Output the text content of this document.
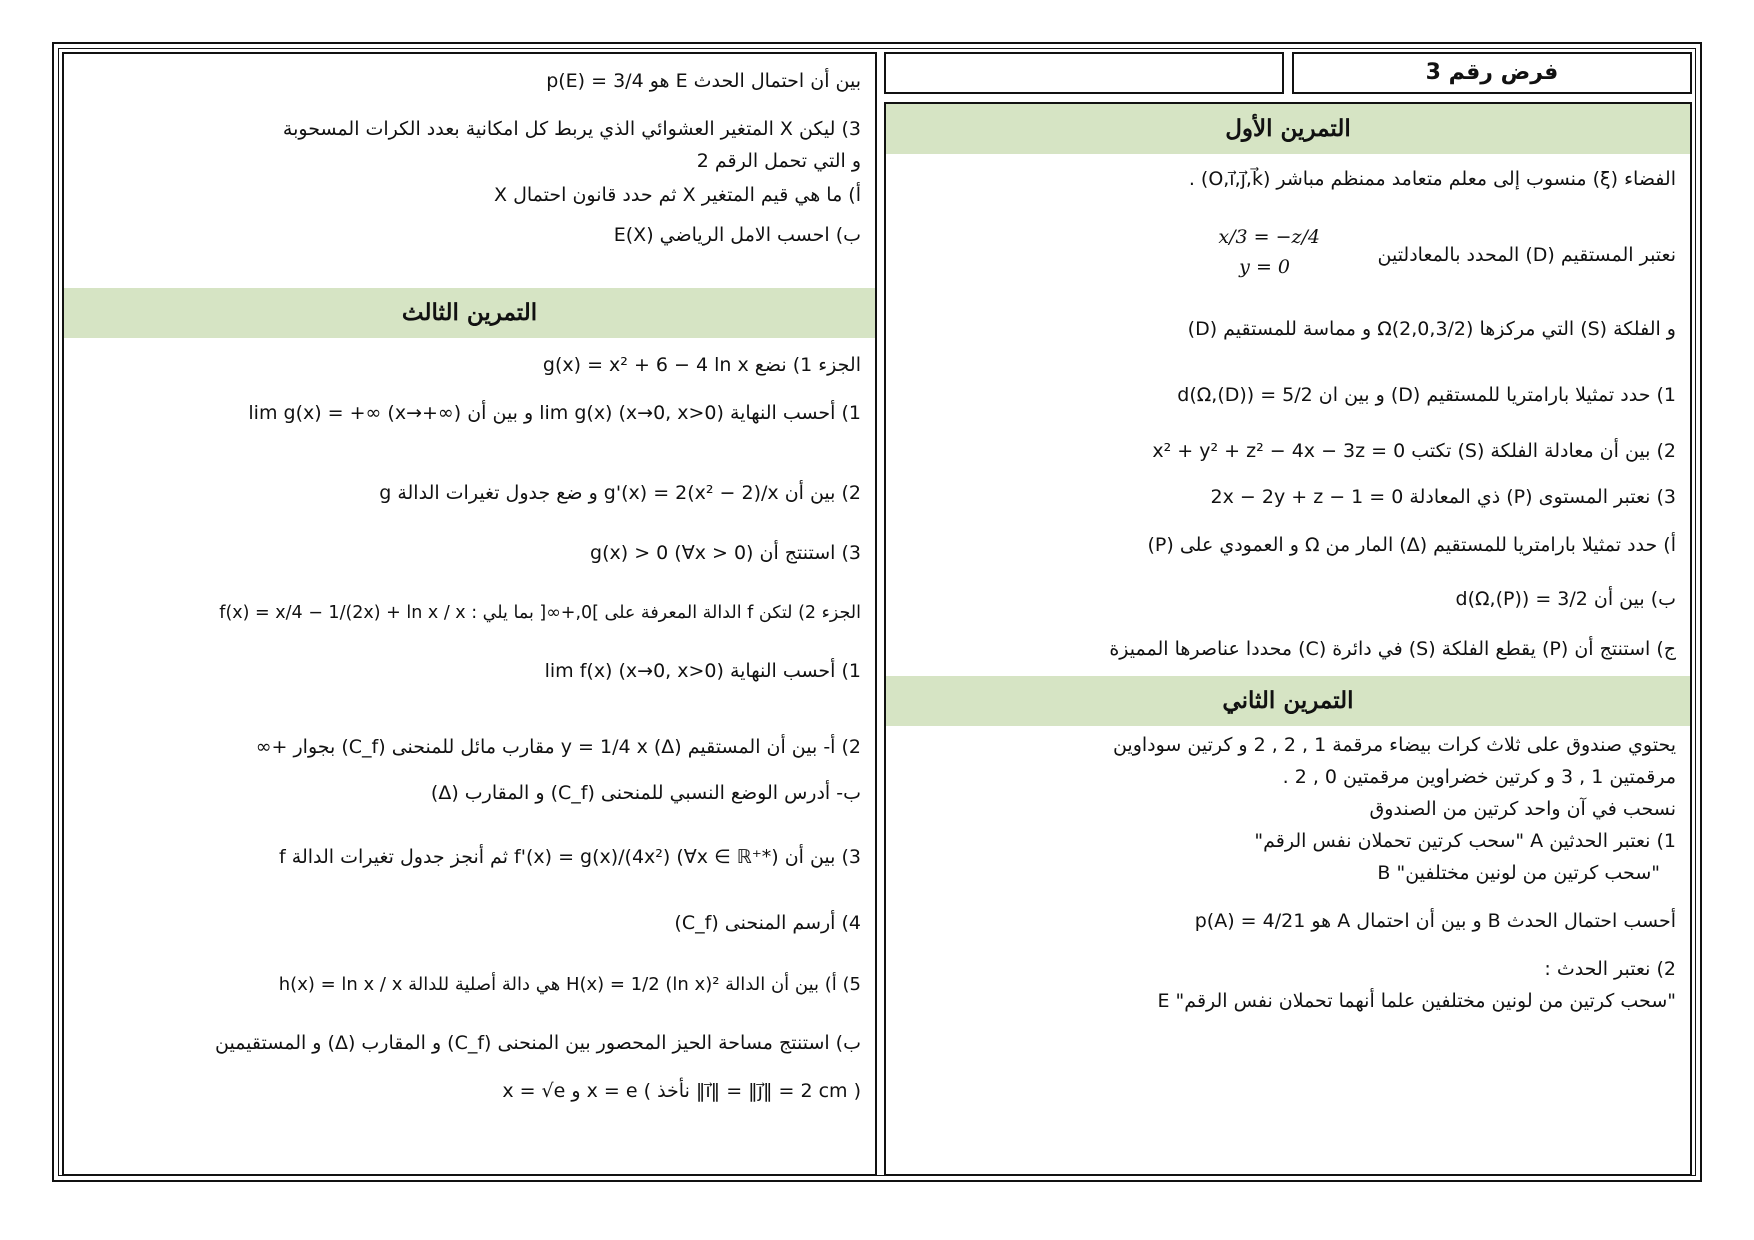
بين أن احتمال الحدث E هو p(E) = 3/4
3) ليكن X المتغير العشوائي الذي يربط كل امكانية بعدد الكرات المسحوبة
و التي تحمل الرقم 2
أ) ما هي قيم المتغير X ثم حدد قانون احتمال X
ب) احسب الامل الرياضي E(X)
التمرين الثالث
الجزء 1) نضع g(x) = x² + 6 − 4 ln x
1) أحسب النهاية lim g(x) (x→0, x>0) و بين أن lim g(x) = +∞ (x→+∞)
2) بين أن g'(x) = 2(x² − 2)/x و ضع جدول تغيرات الدالة g
3) استنتج أن g(x) > 0 (∀x > 0)
الجزء 2) لتكن f الدالة المعرفة على ]0,+∞[ بما يلي : f(x) = x/4 − 1/(2x) + ln x / x
1) أحسب النهاية lim f(x) (x→0, x>0)
2) أ- بين أن المستقيم y = 1/4 x (Δ) مقارب مائل للمنحنى (C_f) بجوار +∞
ب- أدرس الوضع النسبي للمنحنى (C_f) و المقارب (Δ)
3) بين أن f'(x) = g(x)/(4x²) (∀x ∈ ℝ⁺*) ثم أنجز جدول تغيرات الدالة f
4) أرسم المنحنى (C_f)
5) أ) بين أن الدالة H(x) = 1/2 (ln x)² هي دالة أصلية للدالة h(x) = ln x / x
ب) استنتج مساحة الحيز المحصور بين المنحنى (C_f) و المقارب (Δ) و المستقيمين
x = √e و x = e ( نأخذ ‖i⃗‖ = ‖j⃗‖ = 2 cm )
فرض رقم 3
التمرين الأول
الفضاء (ξ) منسوب إلى معلم متعامد ممنظم مباشر (O,i⃗,j⃗,k⃗) .
نعتبر المستقيم (D) المحدد بالمعادلتين
x/3 = −z/4
y = 0
و الفلكة (S) التي مركزها Ω(2,0,3/2) و مماسة للمستقيم (D)
1) حدد تمثيلا بارامتريا للمستقيم (D) و بين ان d(Ω,(D)) = 5/2
2) بين أن معادلة الفلكة (S) تكتب x² + y² + z² − 4x − 3z = 0
3) نعتبر المستوى (P) ذي المعادلة 2x − 2y + z − 1 = 0
أ) حدد تمثيلا بارامتريا للمستقيم (Δ) المار من Ω و العمودي على (P)
ب) بين أن d(Ω,(P)) = 3/2
ج) استنتج أن (P) يقطع الفلكة (S) في دائرة (C) محددا عناصرها المميزة
التمرين الثاني
يحتوي صندوق على ثلاث كرات بيضاء مرقمة 1 , 2 , 2 و كرتين سوداوين
مرقمتين 1 , 3 و كرتين خضراوين مرقمتين 0 , 2 .
نسحب في آن واحد كرتين من الصندوق
1) نعتبر الحدثين A "سحب كرتين تحملان نفس الرقم"
B "سحب كرتين من لونين مختلفين"
أحسب احتمال الحدث B و بين أن احتمال A هو p(A) = 4/21
2) نعتبر الحدث :
E "سحب كرتين من لونين مختلفين علما أنهما تحملان نفس الرقم"
